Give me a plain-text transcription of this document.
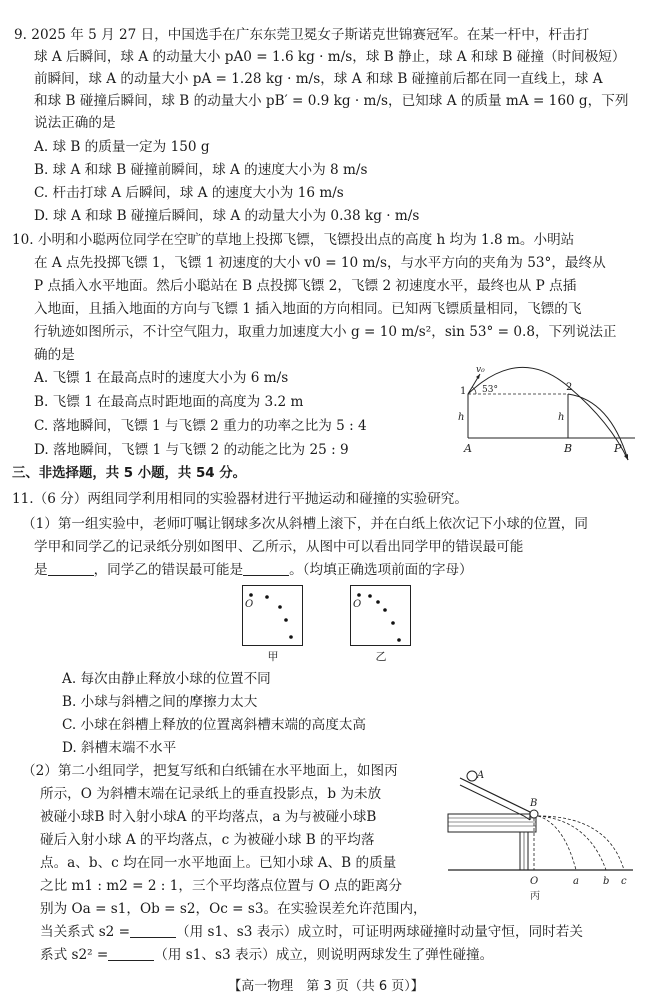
9. 2025 年 5 月 27 日，中国选手在广东东莞卫冕女子斯诺克世锦赛冠军。在某一杆中，杆击打
球 A 后瞬间，球 A 的动量大小 pA0 = 1.6 kg · m/s，球 B 静止，球 A 和球 B 碰撞（时间极短）
前瞬间，球 A 的动量大小 pA = 1.28 kg · m/s，球 A 和球 B 碰撞前后都在同一直线上，球 A
和球 B 碰撞后瞬间，球 B 的动量大小 pB′ = 0.9 kg · m/s，已知球 A 的质量 mA = 160 g，下列
说法正确的是
A. 球 B 的质量一定为 150 g
B. 球 A 和球 B 碰撞前瞬间，球 A 的速度大小为 8 m/s
C. 杆击打球 A 后瞬间，球 A 的速度大小为 16 m/s
D. 球 A 和球 B 碰撞后瞬间，球 A 的动量大小为 0.38 kg · m/s
10. 小明和小聪两位同学在空旷的草地上投掷飞镖，飞镖投出点的高度 h 均为 1.8 m。小明站
在 A 点先投掷飞镖 1，飞镖 1 初速度的大小 v0 = 10 m/s，与水平方向的夹角为 53°，最终从
P 点插入水平地面。然后小聪站在 B 点投掷飞镖 2，飞镖 2 初速度水平，最终也从 P 点插
入地面，且插入地面的方向与飞镖 1 插入地面的方向相同。已知两飞镖质量相同，飞镖的飞
行轨迹如图所示，不计空气阻力，取重力加速度大小 g = 10 m/s²，sin 53° = 0.8，下列说法正
确的是
A. 飞镖 1 在最高点时的速度大小为 6 m/s
B. 飞镖 1 在最高点时距地面的高度为 3.2 m
C. 落地瞬间，飞镖 1 与飞镖 2 重力的功率之比为 5 : 4
D. 落地瞬间，飞镖 1 与飞镖 2 的动能之比为 25 : 9
v₀
53°
1	2
h	h
A	B	P
三、非选择题，共 5 小题，共 54 分。
11.（6 分）两组同学利用相同的实验器材进行平抛运动和碰撞的实验研究。
（1）第一组实验中，老师叮嘱让钢球多次从斜槽上滚下，并在白纸上依次记下小球的位置，同
学甲和同学乙的记录纸分别如图甲、乙所示，从图中可以看出同学甲的错误最可能
是	，同学乙的错误最可能是	。（均填正确选项前面的字母）
O
甲
O
乙
A. 每次由静止释放小球的位置不同
B. 小球与斜槽之间的摩擦力太大
C. 小球在斜槽上释放的位置离斜槽末端的高度太高
D. 斜槽末端不水平
（2）第二小组同学，把复写纸和白纸铺在水平地面上，如图丙
所示，O 为斜槽末端在记录纸上的垂直投影点，b 为未放
被碰小球B 时入射小球A 的平均落点，a 为与被碰小球B
碰后入射小球 A 的平均落点，c 为被碰小球 B 的平均落
点。a、b、c 均在同一水平地面上。已知小球 A、B 的质量
之比 m1 : m2 = 2 : 1，三个平均落点位置与 O 点的距离分
别为 Oa = s1，Ob = s2，Oc = s3。在实验误差允许范围内，
当关系式 s2 =	（用 s1、s3 表示）成立时，可证明两球碰撞时动量守恒，同时若关
系式 s2² =	（用 s1、s3 表示）成立，则说明两球发生了弹性碰撞。
A
B
O	a b c
丙
【高一物理　第 3 页（共 6 页）】
